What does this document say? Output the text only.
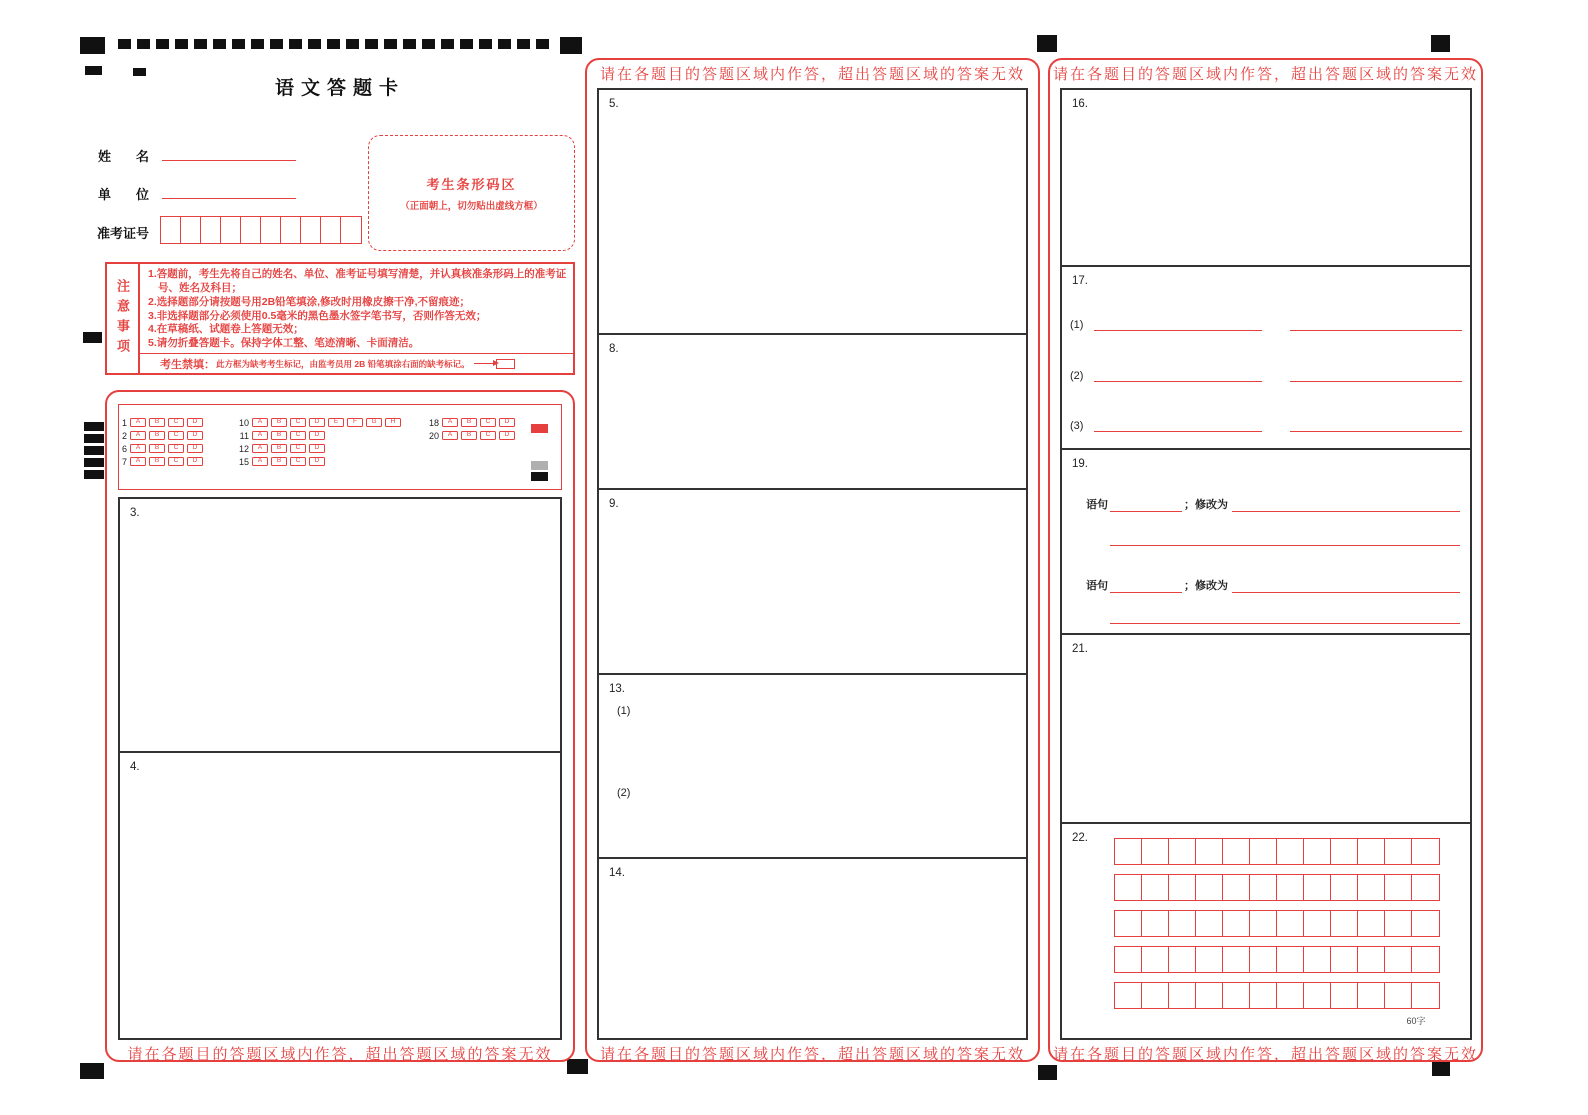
语文答题卡
姓 名
单 位
准考证号
考生条形码区
（正面朝上，切勿贴出虚线方框）
注意事项
1.答题前，考生先将自己的姓名、单位、准考证号填写清楚，并认真核准条形码上的准考证号、姓名及科目；
2.选择题部分请按题号用2B铅笔填涂,修改时用橡皮擦干净,不留痕迹；
3.非选择题部分必须使用0.5毫米的黑色墨水签字笔书写，否则作答无效；
4.在草稿纸、试题卷上答题无效；
5.请勿折叠答题卡。保持字体工整、笔迹清晰、卡面清洁。
考生禁填： 此方框为缺考考生标记，由监考员用 2B 铅笔填涂右面的缺考标记。
1	A	B	C	D
2	A	B	C	D
6	A	B	C	D
7	A	B	C	D
10	A	B	C	D	E	F	G	H
11	A	B	C	D
12	A	B	C	D
15	A	B	C	D
18	A	B	C	D
20	A	B	C	D
3.
4.
请在各题目的答题区域内作答，超出答题区域的答案无效
请在各题目的答题区域内作答，超出答题区域的答案无效
5.
8.
9.
13.
(1)
(2)
14.
请在各题目的答题区域内作答，超出答题区域的答案无效
请在各题目的答题区域内作答，超出答题区域的答案无效
16.
17.
(1)
(2)
(3)
19.
语句	；修改为
语句	；修改为
21.
22.
60字
请在各题目的答题区域内作答，超出答题区域的答案无效
